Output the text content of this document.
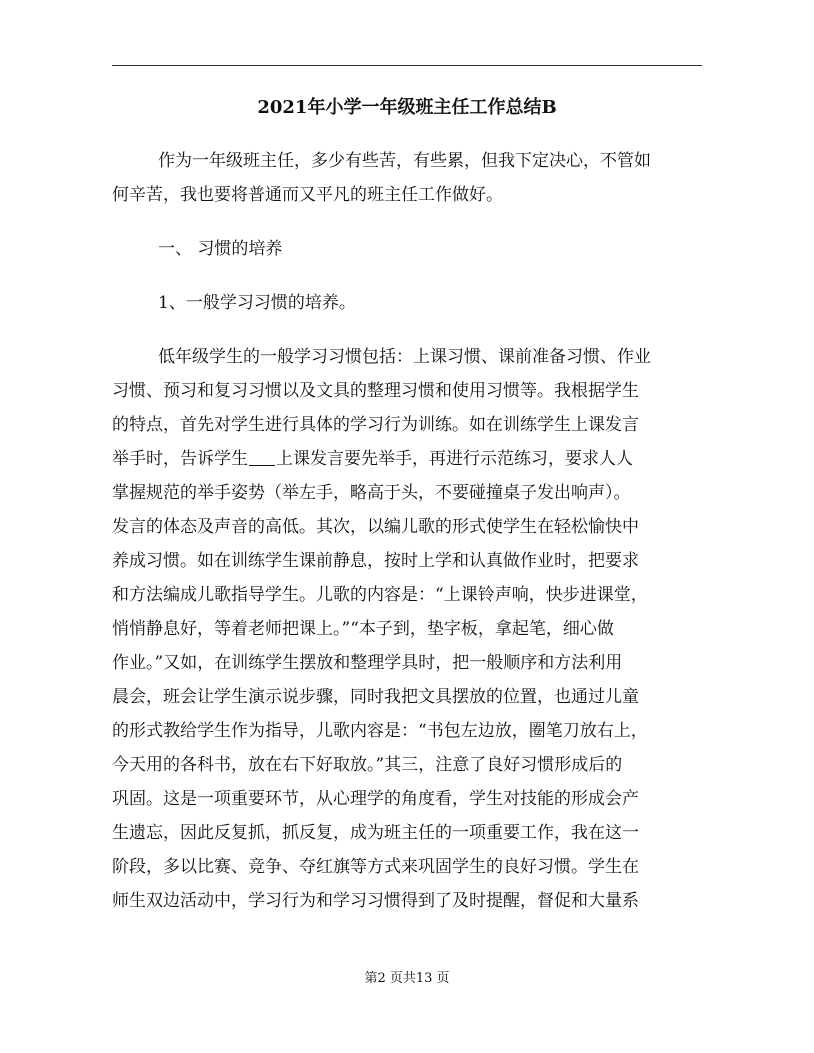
2021年小学一年级班主任工作总结B
作为一年级班主任，多少有些苦，有些累，但我下定决心，不管如
何辛苦，我也要将普通而又平凡的班主任工作做好。
一、 习惯的培养
1、一般学习习惯的培养。
低年级学生的一般学习习惯包括：上课习惯、课前准备习惯、作业
习惯、预习和复习习惯以及文具的整理习惯和使用习惯等。我根据学生
的特点，首先对学生进行具体的学习行为训练。如在训练学生上课发言
举手时，告诉学生 上课发言要先举手，再进行示范练习，要求人人
掌握规范的举手姿势（举左手，略高于头，不要碰撞桌子发出响声）。
发言的体态及声音的高低。其次，以编儿歌的形式使学生在轻松愉快中
养成习惯。如在训练学生课前静息，按时上学和认真做作业时，把要求
和方法编成儿歌指导学生。儿歌的内容是：“上课铃声响，快步进课堂，
悄悄静息好，等着老师把课上。”“本子到，垫字板，拿起笔，细心做
作业。”又如，在训练学生摆放和整理学具时，把一般顺序和方法利用
晨会，班会让学生演示说步骤，同时我把文具摆放的位置，也通过儿童
的形式教给学生作为指导，儿歌内容是：“书包左边放，圈笔刀放右上，
今天用的各科书，放在右下好取放。”其三，注意了良好习惯形成后的
巩固。这是一项重要环节，从心理学的角度看，学生对技能的形成会产
生遗忘，因此反复抓，抓反复，成为班主任的一项重要工作，我在这一
阶段，多以比赛、竞争、夺红旗等方式来巩固学生的良好习惯。学生在
师生双边活动中，学习行为和学习习惯得到了及时提醒，督促和大量系
第2 页共13 页
